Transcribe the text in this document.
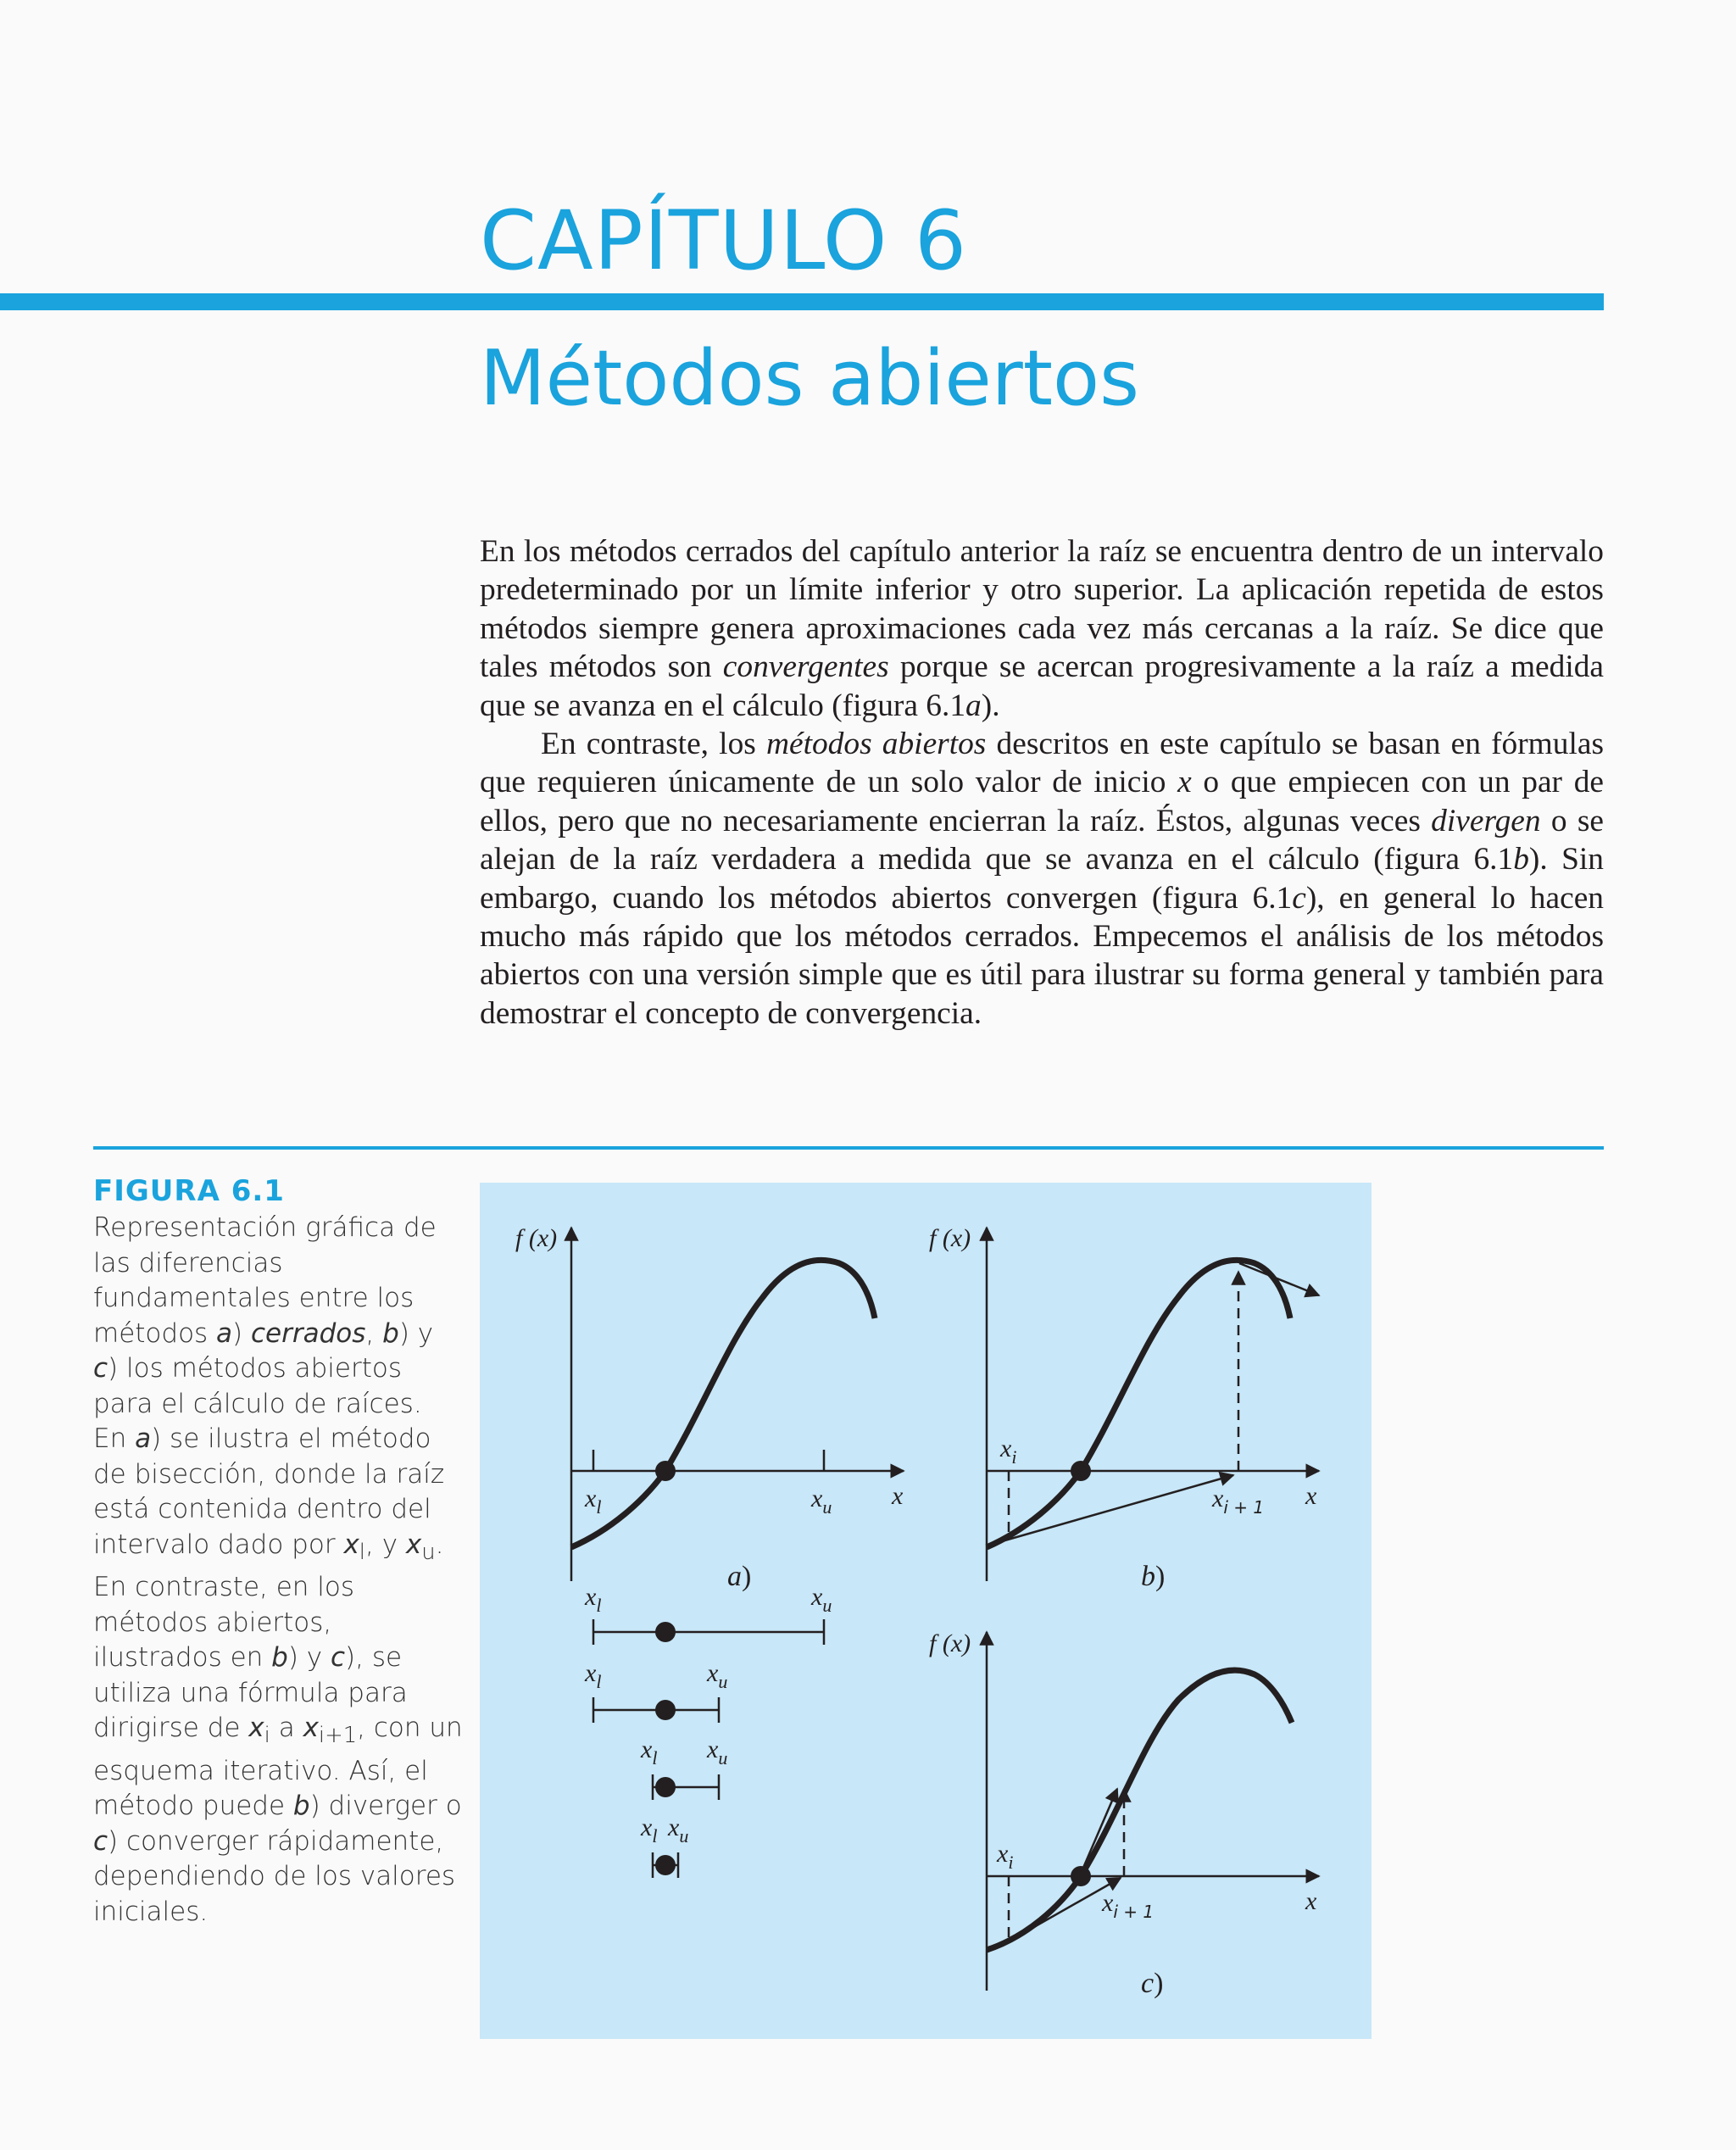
CAPÍTULO 6
Métodos abiertos

En los métodos cerrados del capítulo anterior la raíz se encuentra dentro de un intervalo predeterminado por un límite inferior y otro superior. La aplicación repetida de estos métodos siempre genera aproximaciones cada vez más cercanas a la raíz. Se dice que tales métodos son convergentes porque se acercan progresivamente a la raíz a medida que se avanza en el cálculo (figura 6.1a).

En contraste, los métodos abiertos descritos en este capítulo se basan en fórmulas que requieren únicamente de un solo valor de inicio x o que empiecen con un par de ellos, pero que no necesariamente encierran la raíz. Éstos, algunas veces divergen o se alejan de la raíz verdadera a medida que se avanza en el cálculo (figura 6.1b). Sin embargo, cuando los métodos abiertos convergen (figura 6.1c), en general lo hacen mucho más rápido que los métodos cerrados. Empecemos el análisis de los métodos abiertos con una versión simple que es útil para ilustrar su forma general y también para demostrar el concepto de convergencia.

FIGURA 6.1

Representación gráfica de las diferencias fundamentales entre los métodos a) cerrados, b) y c) los métodos abiertos para el cálculo de raíces. En a) se ilustra el método de bisección, donde la raíz está contenida dentro del intervalo dado por $x_l$, y $x_u$. En contraste, en los métodos abiertos, ilustrados en b) y c), se utiliza una fórmula para dirigirse de $x_i$ a $x_{i+1}$, con un esquema iterativo. Así, el método puede b) diverger o c) converger rápidamente, dependiendo de los valores iniciales.

f (x)
x
$x_l$	$x_u$
a)
$x_l$	$x_u$
$x_l$	$x_u$
$x_l$ $x_u$
$x_l$ $x_u$
f (x)
x
$x_i$
$x_{i + 1}$
b)
f (x)
x
$x_i$
$x_{i + 1}$
c)
